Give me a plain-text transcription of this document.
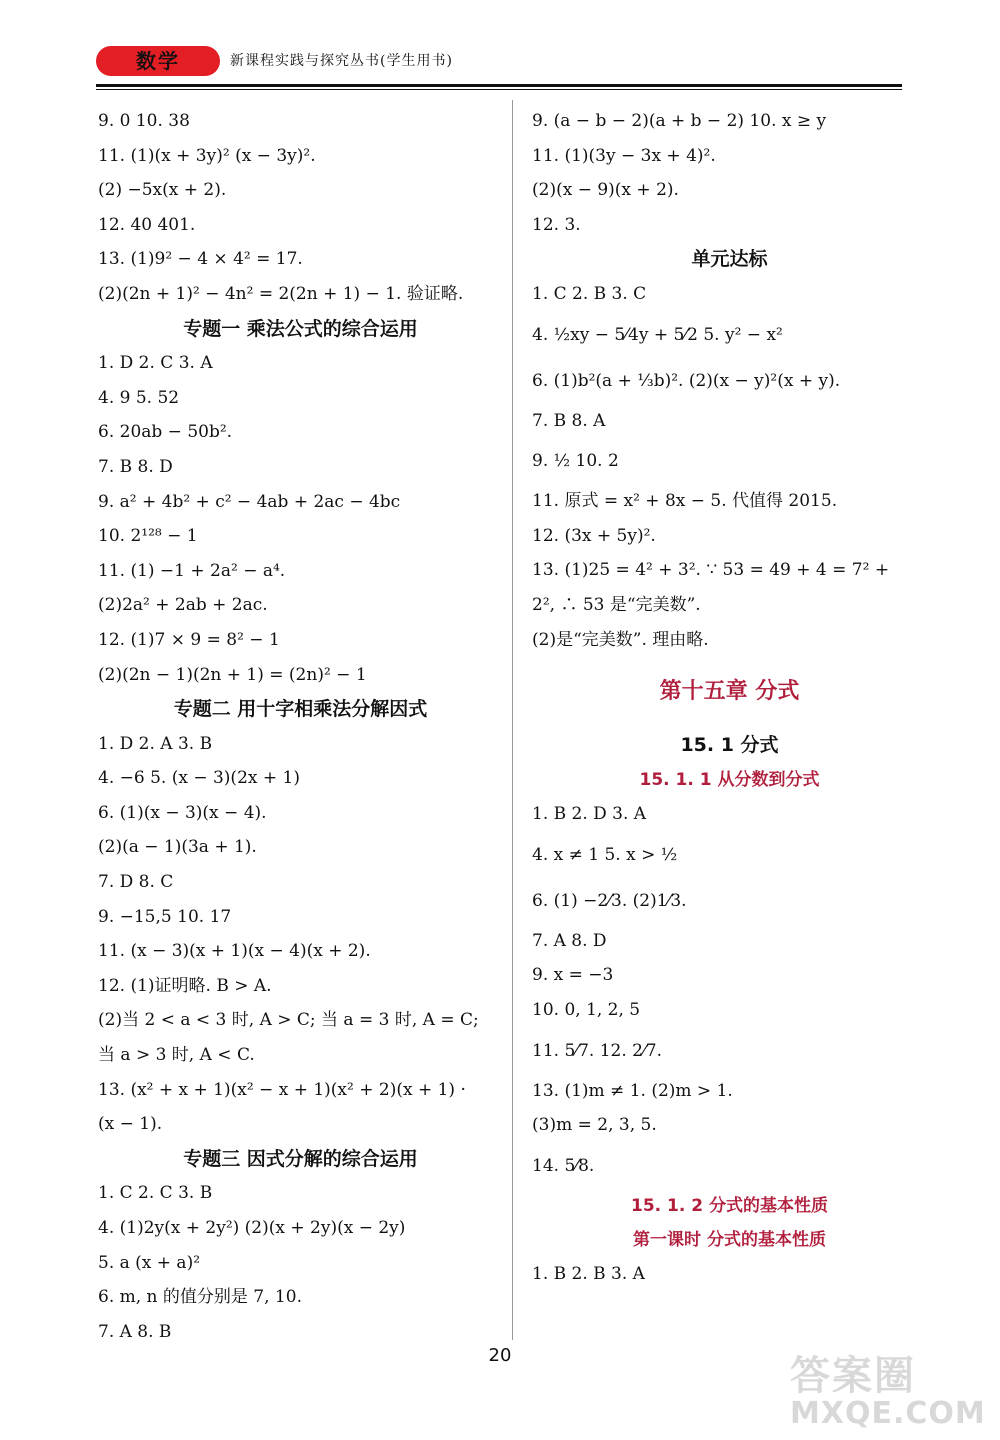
数学	新课程实践与探究丛书(学生用书)
9. 0 10. 38
11. (1)(x + 3y)² (x − 3y)².
(2) −5x(x + 2).
12. 40 401.
13. (1)9² − 4 × 4² = 17.
(2)(2n + 1)² − 4n² = 2(2n + 1) − 1. 验证略.
专题一 乘法公式的综合运用
1. D 2. C 3. A
4. 9 5. 52
6. 20ab − 50b².
7. B 8. D
9. a² + 4b² + c² − 4ab + 2ac − 4bc
10. 2¹²⁸ − 1
11. (1) −1 + 2a² − a⁴.
(2)2a² + 2ab + 2ac.
12. (1)7 × 9 = 8² − 1
(2)(2n − 1)(2n + 1) = (2n)² − 1
专题二 用十字相乘法分解因式
1. D 2. A 3. B
4. −6 5. (x − 3)(2x + 1)
6. (1)(x − 3)(x − 4).
(2)(a − 1)(3a + 1).
7. D 8. C
9. −15,5 10. 17
11. (x − 3)(x + 1)(x − 4)(x + 2).
12. (1)证明略. B > A.
(2)当 2 < a < 3 时, A > C; 当 a = 3 时, A = C;
当 a > 3 时, A < C.
13. (x² + x + 1)(x² − x + 1)(x² + 2)(x + 1) ·
(x − 1).
专题三 因式分解的综合运用
1. C 2. C 3. B
4. (1)2y(x + 2y²) (2)(x + 2y)(x − 2y)
5. a (x + a)²
6. m, n 的值分别是 7, 10.
7. A 8. B
9. (a − b − 2)(a + b − 2) 10. x ≥ y
11. (1)(3y − 3x + 4)².
(2)(x − 9)(x + 2).
12. 3.
单元达标
1. C 2. B 3. C
4. ½xy − 5⁄4y + 5⁄2 5. y² − x²
6. (1)b²(a + ⅓b)². (2)(x − y)²(x + y).
7. B 8. A
9. ½ 10. 2
11. 原式 = x² + 8x − 5. 代值得 2015.
12. (3x + 5y)².
13. (1)25 = 4² + 3². ∵ 53 = 49 + 4 = 7² +
2², ∴ 53 是“完美数”.
(2)是“完美数”. 理由略.
第十五章 分式
15. 1 分式
15. 1. 1 从分数到分式
1. B 2. D 3. A
4. x ≠ 1 5. x > ½
6. (1) −2⁄3. (2)1⁄3.
7. A 8. D
9. x = −3
10. 0, 1, 2, 5
11. 5⁄7. 12. 2⁄7.
13. (1)m ≠ 1. (2)m > 1.
(3)m = 2, 3, 5.
14. 5⁄8.
15. 1. 2 分式的基本性质
第一课时 分式的基本性质
1. B 2. B 3. A
20	答案圈
MXQE.COM
